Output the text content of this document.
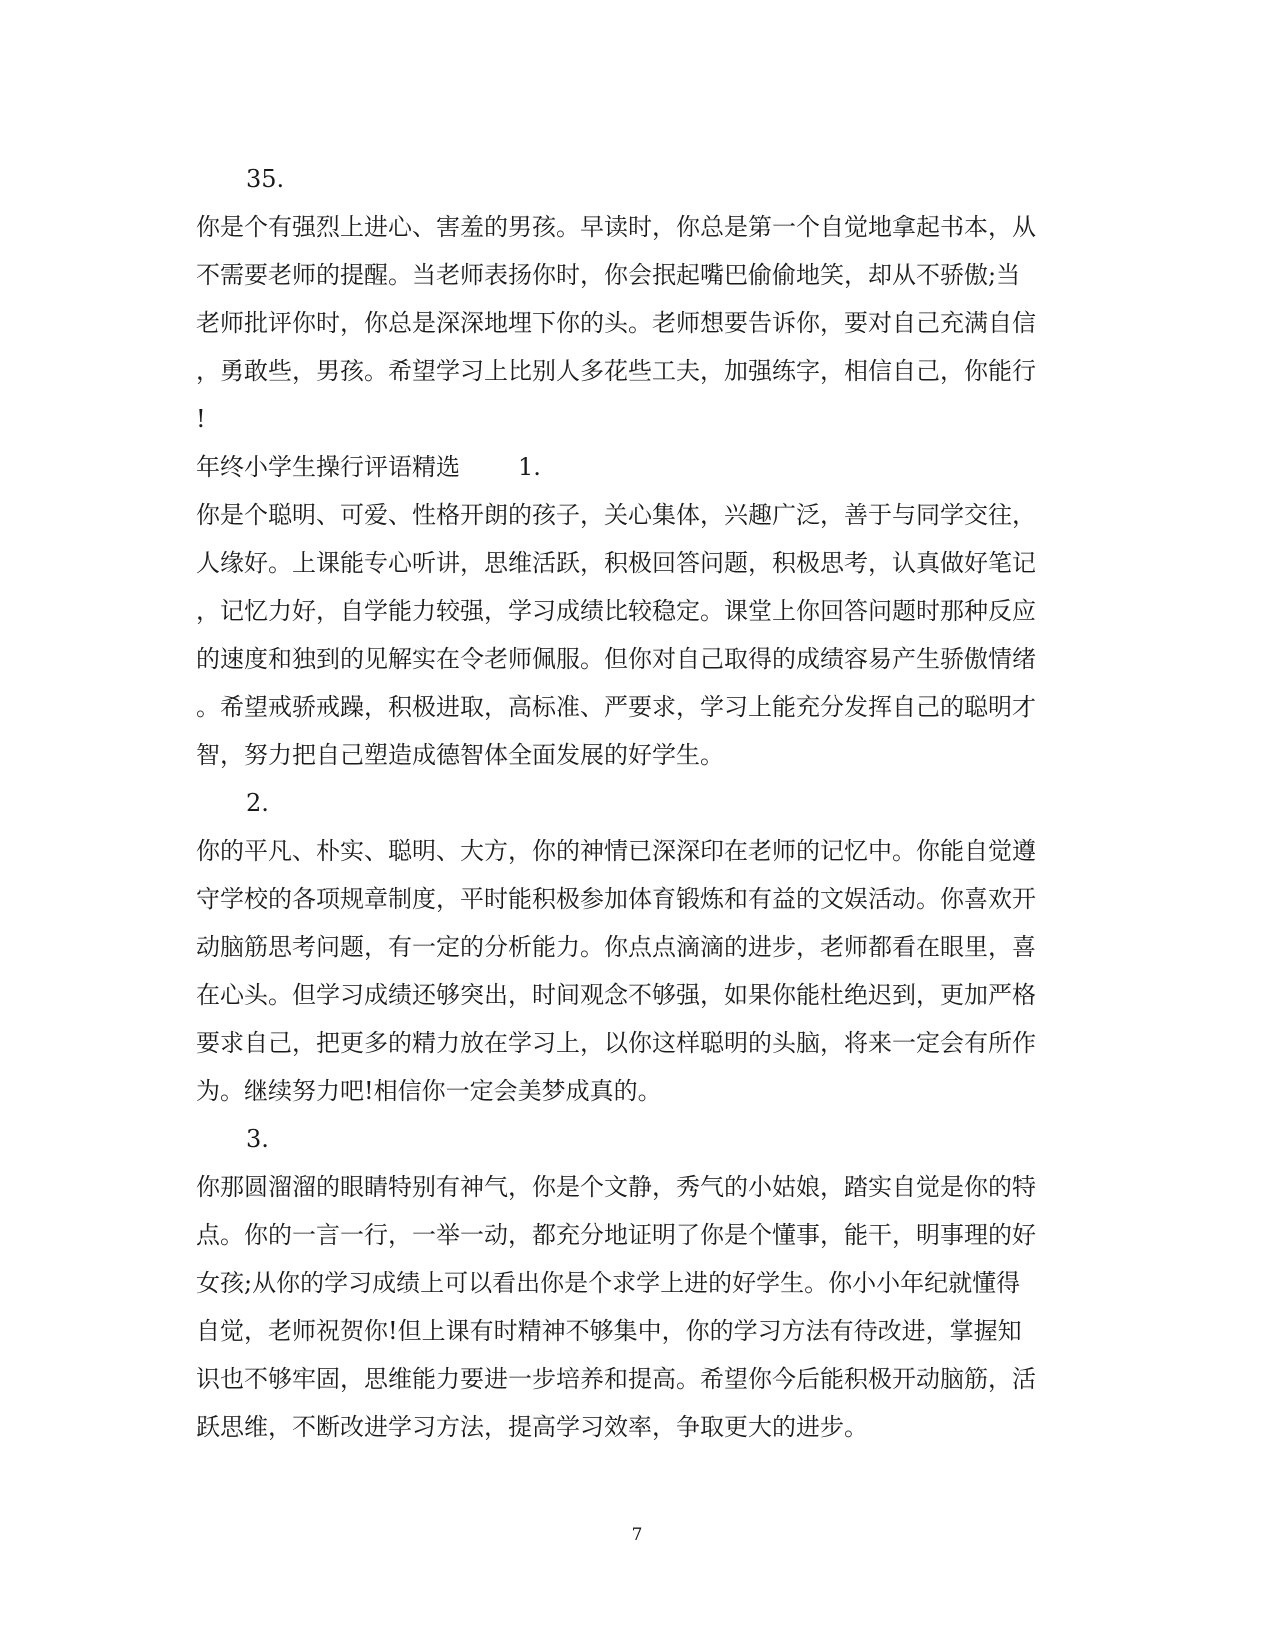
35.
你是个有强烈上进心、害羞的男孩。早读时，你总是第一个自觉地拿起书本，从
不需要老师的提醒。当老师表扬你时，你会抿起嘴巴偷偷地笑，却从不骄傲;当
老师批评你时，你总是深深地埋下你的头。老师想要告诉你，要对自己充满自信
，勇敢些，男孩。希望学习上比别人多花些工夫，加强练字，相信自己，你能行
!
年终小学生操行评语精选 1.
你是个聪明、可爱、性格开朗的孩子，关心集体，兴趣广泛，善于与同学交往，
人缘好。上课能专心听讲，思维活跃，积极回答问题，积极思考，认真做好笔记
，记忆力好，自学能力较强，学习成绩比较稳定。课堂上你回答问题时那种反应
的速度和独到的见解实在令老师佩服。但你对自己取得的成绩容易产生骄傲情绪
。希望戒骄戒躁，积极进取，高标准、严要求，学习上能充分发挥自己的聪明才
智，努力把自己塑造成德智体全面发展的好学生。
2.
你的平凡、朴实、聪明、大方，你的神情已深深印在老师的记忆中。你能自觉遵
守学校的各项规章制度，平时能积极参加体育锻炼和有益的文娱活动。你喜欢开
动脑筋思考问题，有一定的分析能力。你点点滴滴的进步，老师都看在眼里，喜
在心头。但学习成绩还够突出，时间观念不够强，如果你能杜绝迟到，更加严格
要求自己，把更多的精力放在学习上，以你这样聪明的头脑，将来一定会有所作
为。继续努力吧!相信你一定会美梦成真的。
3.
你那圆溜溜的眼睛特别有神气，你是个文静，秀气的小姑娘，踏实自觉是你的特
点。你的一言一行，一举一动，都充分地证明了你是个懂事，能干，明事理的好
女孩;从你的学习成绩上可以看出你是个求学上进的好学生。你小小年纪就懂得
自觉，老师祝贺你!但上课有时精神不够集中，你的学习方法有待改进，掌握知
识也不够牢固，思维能力要进一步培养和提高。希望你今后能积极开动脑筋，活
跃思维，不断改进学习方法，提高学习效率，争取更大的进步。
7
